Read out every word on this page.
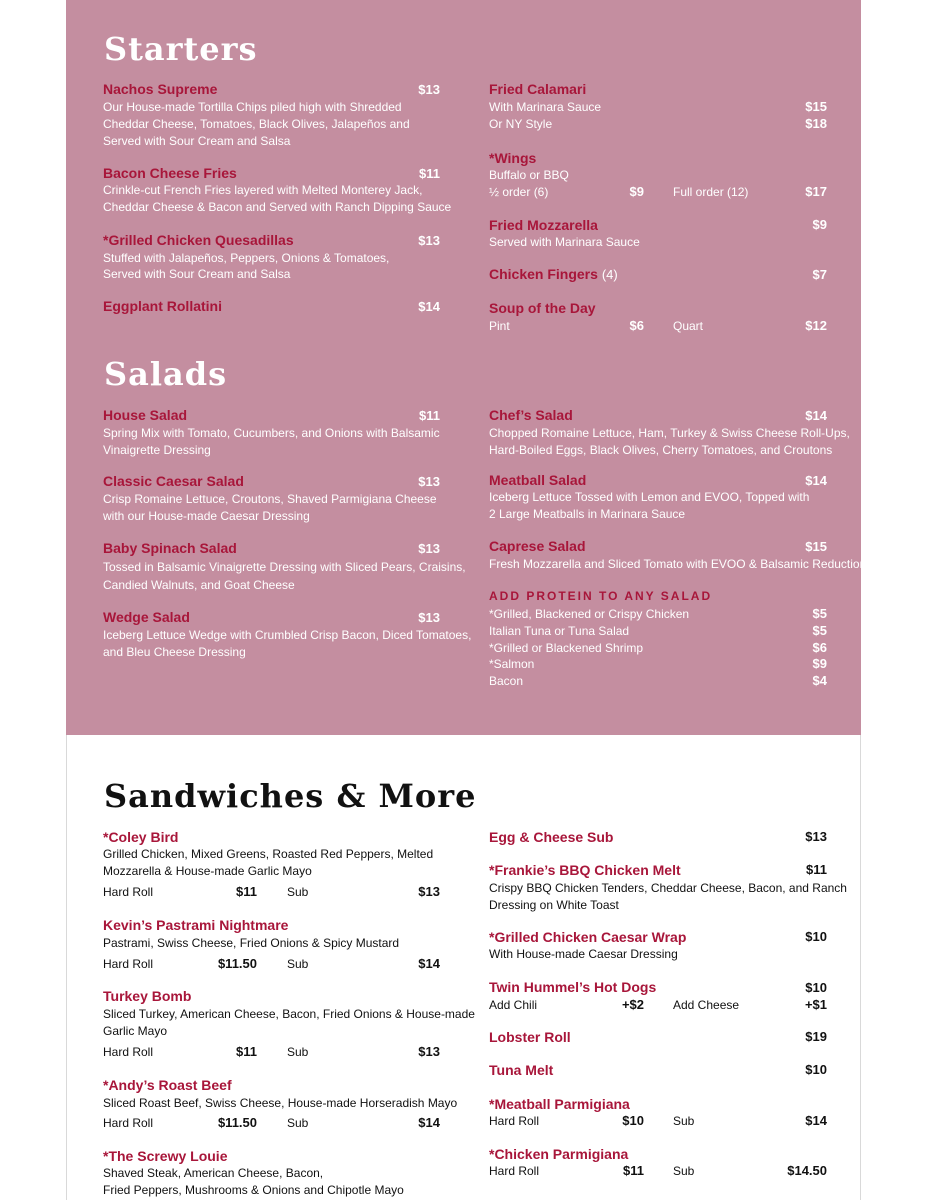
Starters
Nachos Supreme	$13
Our House-made Tortilla Chips piled high with Shredded
Cheddar Cheese, Tomatoes, Black Olives, Jalapeños and
Served with Sour Cream and Salsa
Bacon Cheese Fries	$11
Crinkle-cut French Fries layered with Melted Monterey Jack,
Cheddar Cheese & Bacon and Served with Ranch Dipping Sauce
*Grilled Chicken Quesadillas	$13
Stuffed with Jalapeños, Peppers, Onions & Tomatoes,
Served with Sour Cream and Salsa
Eggplant Rollatini	$14
Fried Calamari
With Marinara Sauce	$15
Or NY Style	$18
*Wings
Buffalo or BBQ
½ order (6)	$9 Full order (12)	$17
Fried Mozzarella	$9
Served with Marinara Sauce
Chicken Fingers (4)	$7
Soup of the Day
Pint	$6 Quart	$12
Salads
House Salad	$11
Spring Mix with Tomato, Cucumbers, and Onions with Balsamic
Vinaigrette Dressing
Classic Caesar Salad	$13
Crisp Romaine Lettuce, Croutons, Shaved Parmigiana Cheese
with our House-made Caesar Dressing
Baby Spinach Salad	$13
Tossed in Balsamic Vinaigrette Dressing with Sliced Pears, Craisins,
Candied Walnuts, and Goat Cheese
Wedge Salad	$13
Iceberg Lettuce Wedge with Crumbled Crisp Bacon, Diced Tomatoes,
and Bleu Cheese Dressing
Chef’s Salad	$14
Chopped Romaine Lettuce, Ham, Turkey & Swiss Cheese Roll-Ups,
Hard-Boiled Eggs, Black Olives, Cherry Tomatoes, and Croutons
Meatball Salad	$14
Iceberg Lettuce Tossed with Lemon and EVOO, Topped with
2 Large Meatballs in Marinara Sauce
Caprese Salad	$15
Fresh Mozzarella and Sliced Tomato with EVOO & Balsamic Reduction
ADD PROTEIN TO ANY SALAD
*Grilled, Blackened or Crispy Chicken	$5
Italian Tuna or Tuna Salad	$5
*Grilled or Blackened Shrimp	$6
*Salmon	$9
Bacon	$4
Sandwiches & More
*Coley Bird
Grilled Chicken, Mixed Greens, Roasted Red Peppers, Melted
Mozzarella & House-made Garlic Mayo
Hard Roll	$11	Sub	$13
Kevin’s Pastrami Nightmare
Pastrami, Swiss Cheese, Fried Onions & Spicy Mustard
Hard Roll	$11.50	Sub	$14
Turkey Bomb
Sliced Turkey, American Cheese, Bacon, Fried Onions & House-made
Garlic Mayo
Hard Roll	$11	Sub	$13
*Andy’s Roast Beef
Sliced Roast Beef, Swiss Cheese, House-made Horseradish Mayo
Hard Roll	$11.50	Sub	$14
*The Screwy Louie
Shaved Steak, American Cheese, Bacon,
Fried Peppers, Mushrooms & Onions and Chipotle Mayo
Egg & Cheese Sub	$13
*Frankie’s BBQ Chicken Melt	$11
Crispy BBQ Chicken Tenders, Cheddar Cheese, Bacon, and Ranch
Dressing on White Toast
*Grilled Chicken Caesar Wrap	$10
With House-made Caesar Dressing
Twin Hummel’s Hot Dogs	$10
Add Chili	+$2 Add Cheese	+$1
Lobster Roll	$19
Tuna Melt	$10
*Meatball Parmigiana
Hard Roll	$10 Sub	$14
*Chicken Parmigiana
Hard Roll	$11 Sub	$14.50
